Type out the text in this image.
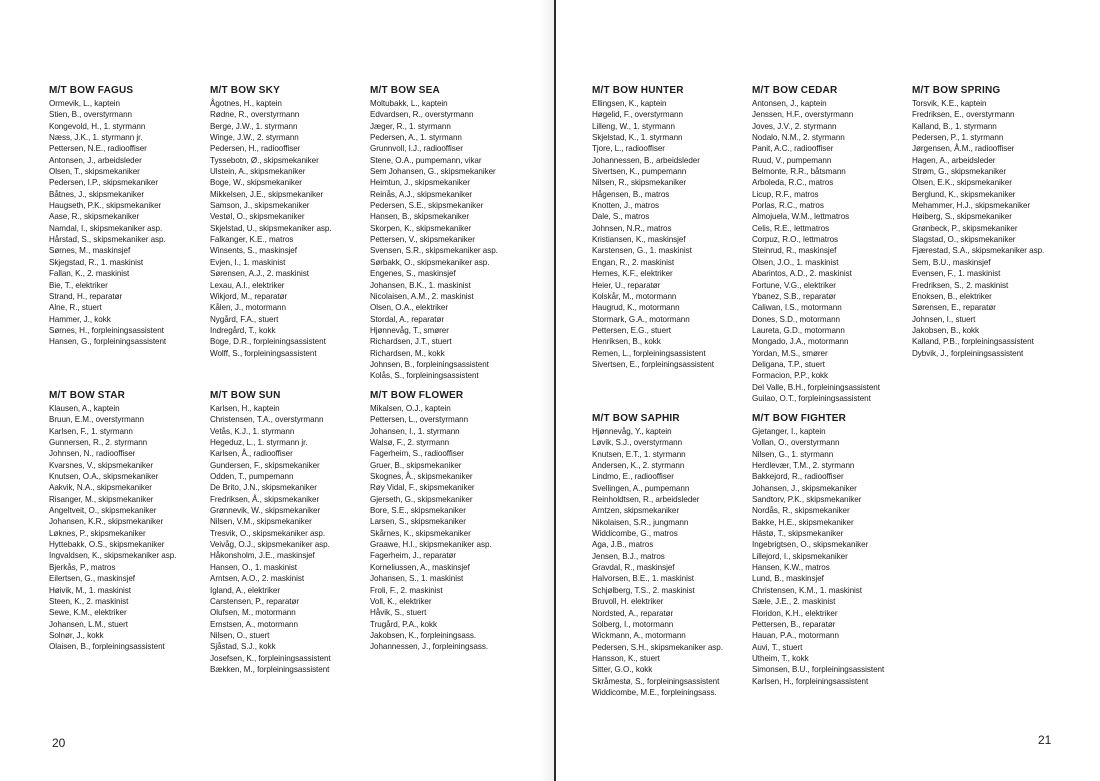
M/T BOW FAGUS
Ormevik, L., kaptein
Stien, B., overstyrmann
Kongevold, H., 1. styrmann
Næss, J.K., 1. styrmann jr.
Pettersen, N.E., radiooffiser
Antonsen, J., arbeidsleder
Olsen, T., skipsmekaniker
Pedersen, I.P., skipsmekaniker
Båtnes, J., skipsmekaniker
Haugseth, P.K., skipsmekaniker
Aase, R., skipsmekaniker
Namdal, I., skipsmekaniker asp.
Hårstad, S., skipsmekaniker asp.
Sørnes, M., maskinsjef
Skjegstad, R., 1. maskinist
Fallan, K., 2. maskinist
Bie, T., elektriker
Strand, H., reparatør
Alne, R., stuert
Hammer, J., kokk
Sørnes, H., forpleiningsassistent
Hansen, G., forpleiningsassistent
M/T BOW SKY
Ågotnes, H., kaptein
Rødne, R., overstyrmann
Berge, J.W., 1. styrmann
Winge, J.W., 2. styrmann
Pedersen, H., radiooffiser
Tyssebotn, Ø., skipsmekaniker
Ulstein, A., skipsmekaniker
Boge, W., skipsmekaniker
Mikkelsen, J.E., skipsmekaniker
Samson, J., skipsmekaniker
Vestøl, O., skipsmekaniker
Skjelstad, U., skipsmekaniker asp.
Falkanger, K.E., matros
Winsents, S., maskinsjef
Evjen, I., 1. maskinist
Sørensen, A.J., 2. maskinist
Lexau, A.I., elektriker
Wikjord, M., reparatør
Kålen, J., motormann
Nygård, F.A., stuert
Indregård, T., kokk
Boge, D.R., forpleiningsassistent
Wolff, S., forpleiningsassistent
M/T BOW SEA
Moltubakk, L., kaptein
Edvardsen, R., overstyrmann
Jæger, R., 1. styrmann
Pedersen, A., 1. styrmann
Grunnvoll, I.J., radiooffiser
Stene, O.A., pumpemann, vikar
Sem Johansen, G., skipsmekaniker
Heimtun, J., skipsmekaniker
Reinås, A.J., skipsmekaniker
Pedersen, S.E., skipsmekaniker
Hansen, B., skipsmekaniker
Skorpen, K., skipsmekaniker
Pettersen, V., skipsmekaniker
Svensen, S.R., skipsmekaniker asp.
Sørbakk, O., skipsmekaniker asp.
Engenes, S., maskinsjef
Johansen, B.K., 1. maskinist
Nicolaisen, A.M., 2. maskinist
Olsen, O.A., elektriker
Stordal, A., reparatør
Hjønnevåg, T., smører
Richardsen, J.T., stuert
Richardsen, M., kokk
Johnsen, B., forpleiningsassistent
Kolås, S., forpleiningsassistent
M/T BOW STAR
Klausen, A., kaptein
Bruun, E.M., overstyrmann
Karlsen, F., 1. styrmann
Gunnersen, R., 2. styrmann
Johnsen, N., radiooffiser
Kvarsnes, V., skipsmekaniker
Knutsen, O.A., skipsmekaniker
Aakvik, N.A., skipsmekaniker
Risanger, M., skipsmekaniker
Angeltveit, O., skipsmekaniker
Johansen, K.R., skipsmekaniker
Løknes, P., skipsmekaniker
Hyttebakk, O.S., skipsmekaniker
Ingvaldsen, K., skipsmekaniker asp.
Bjerkås, P., matros
Eilertsen, G., maskinsjef
Høivik, M., 1. maskinist
Steen, K., 2. maskinist
Sewe, K.M., elektriker
Johansen, L.M., stuert
Solnør, J., kokk
Olaisen, B., forpleiningsassistent
M/T BOW SUN
Karlsen, H., kaptein
Christensen, T.A., overstyrmann
Vetås, K.J., 1. styrmann
Hegeduz, L., 1. styrmann jr.
Karlsen, Å., radiooffiser
Gundersen, F., skipsmekaniker
Odden, T., pumpemann
De Brito, J.N., skipsmekaniker
Fredriksen, Å., skipsmekaniker
Grønnevik, W., skipsmekaniker
Nilsen, V.M., skipsmekaniker
Tresvik, O., skipsmekaniker asp.
Veivåg, O.J., skipsmekaniker asp.
Håkonsholm, J.E., maskinsjef
Hansen, O., 1. maskinist
Arntsen, A.O., 2. maskinist
Igland, A., elektriker
Carstensen, P., reparatør
Olufsen, M., motormann
Ernstsen, A., motormann
Nilsen, O., stuert
Sjåstad, S.J., kokk
Josefsen, K., forpleiningsassistent
Bækken, M., forpleiningsassistent
M/T BOW FLOWER
Mikalsen, O.J., kaptein
Pettersen, L., overstyrmann
Johansen, I., 1. styrmann
Walsø, F., 2. styrmann
Fagerheim, S., radiooffiser
Gruer, B., skipsmekaniker
Skognes, Å., skipsmekaniker
Røy Vidal, F., skipsmekaniker
Gjerseth, G., skipsmekaniker
Bore, S.E., skipsmekaniker
Larsen, S., skipsmekaniker
Skårnes, K., skipsmekaniker
Graawe, H.I., skipsmekaniker asp.
Fagerheim, J., reparatør
Korneliussen, A., maskinsjef
Johansen, S., 1. maskinist
Froli, F., 2. maskinist
Voll, K., elektriker
Håvik, S., stuert
Trugård, P.A., kokk
Jakobsen, K., forpleiningsass.
Johannessen, J., forpleiningsass.
20
M/T BOW HUNTER
Ellingsen, K., kaptein
Høgelid, F., overstyrmann
Lilleng, W., 1. styrmann
Skjelstad, K., 1. styrmann
Tjore, L., radiooffiser
Johannessen, B., arbeidsleder
Sivertsen, K., pumpemann
Nilsen, R., skipsmekaniker
Hågensen, B., matros
Knotten, J., matros
Dale, S., matros
Johnsen, N.R., matros
Kristiansen, K., maskinsjef
Karstensen, G., 1. maskinist
Engan, R., 2. maskinist
Hernes, K.F., elektriker
Heier, U., reparatør
Kolskår, M., motormann
Haugrud, K., motormann
Stormark, G.A., motormann
Pettersen, E.G., stuert
Henriksen, B., kokk
Remen, L., forpleiningsassistent
Sivertsen, E., forpleiningsassistent
M/T BOW CEDAR
Antonsen, J., kaptein
Jenssen, H.F., overstyrmann
Joves, J.V., 2. styrmann
Nodalo, N.M., 2. styrmann
Panit, A.C., radiooffiser
Ruud, V., pumpemann
Belmonte, R.R., båtsmann
Arboleda, R.C., matros
Licup, R.F., matros
Porlas, R.C., matros
Almojuela, W.M., lettmatros
Celis, R.E., lettmatros
Corpuz, R.O., lettmatros
Steinrud, R., maskinsjef
Olsen, J.O., 1. maskinist
Abarintos, A.D., 2. maskinist
Fortune, V.G., elektriker
Ybanez, S.B., reparatør
Caliwan, I.S., motormann
Dones, S.D., motormann
Laureta, G.D., motormann
Mongado, J.A., motormann
Yordan, M.S., smører
Deligana, T.P., stuert
Formacion, P.P., kokk
Del Valle, B.H., forpleiningsassistent
Guilao, O.T., forpleiningsassistent
M/T BOW SPRING
Torsvik, K.E., kaptein
Fredriksen, E., overstyrmann
Kalland, B., 1. styrmann
Pedersen, P., 1. styrmann
Jørgensen, Å.M., radiooffiser
Hagen, A., arbeidsleder
Strøm, G., skipsmekaniker
Olsen, E.K., skipsmekaniker
Berglund, K., skipsmekaniker
Mehammer, H.J., skipsmekaniker
Høiberg, S., skipsmekaniker
Grønbeck, P., skipsmekaniker
Slagstad, O., skipsmekaniker
Fjærestad, S.A., skipsmekaniker asp.
Sem, B.U., maskinsjef
Evensen, F., 1. maskinist
Fredriksen, S., 2. maskinist
Enoksen, B., elektriker
Sørensen, E., reparatør
Johnsen, I., stuert
Jakobsen, B., kokk
Kalland, P.B., forpleiningsassistent
Dybvik, J., forpleiningsassistent
M/T BOW SAPHIR
Hjønnevåg, Y., kaptein
Løvik, S.J., overstyrmann
Knutsen, E.T., 1. styrmann
Andersen, K., 2. styrmann
Lindmo, E., radiooffiser
Svellingen, A., pumpemann
Reinholdtsen, R., arbeidsleder
Arntzen, skipsmekaniker
Nikolaisen, S.R., jungmann
Widdicombe, G., matros
Aga, J.B., matros
Jensen, B.J., matros
Gravdal, R., maskinsjef
Halvorsen, B.E., 1. maskinist
Schjølberg, T.S., 2. maskinist
Bruvoll, H. elektriker
Nordsted, A., reparatør
Solberg, I., motormann
Wickmann, A., motormann
Pedersen, S.H., skipsmekaniker asp.
Hansson, K., stuert
Sitter, G.O., kokk
Skråmestø, S., forpleiningsassistent
Widdicombe, M.E., forpleiningsass.
M/T BOW FIGHTER
Gjetanger, I., kaptein
Vollan, O., overstyrmann
Nilsen, G., 1. styrmann
Herdlevær, T.M., 2. styrmann
Bakkejord, R., radiooffiser
Johansen, J., skipsmekaniker
Sandtorv, P.K., skipsmekaniker
Nordås, R., skipsmekaniker
Bakke, H.E., skipsmekaniker
Hästø, T., skipsmekaniker
Ingebrigtsen, O., skipsmekaniker
Lillejord, I., skipsmekaniker
Hansen, K.W., matros
Lund, B., maskinsjef
Christensen, K.M., 1. maskinist
Sæle, J.E., 2. maskinist
Floridon, K.H., elektriker
Pettersen, B., reparatør
Hauan, P.A., motormann
Auvi, T., stuert
Utheim, T., kokk
Simonsen, B.U., forpleiningsassistent
Karlsen, H., forpleiningsassistent
21
